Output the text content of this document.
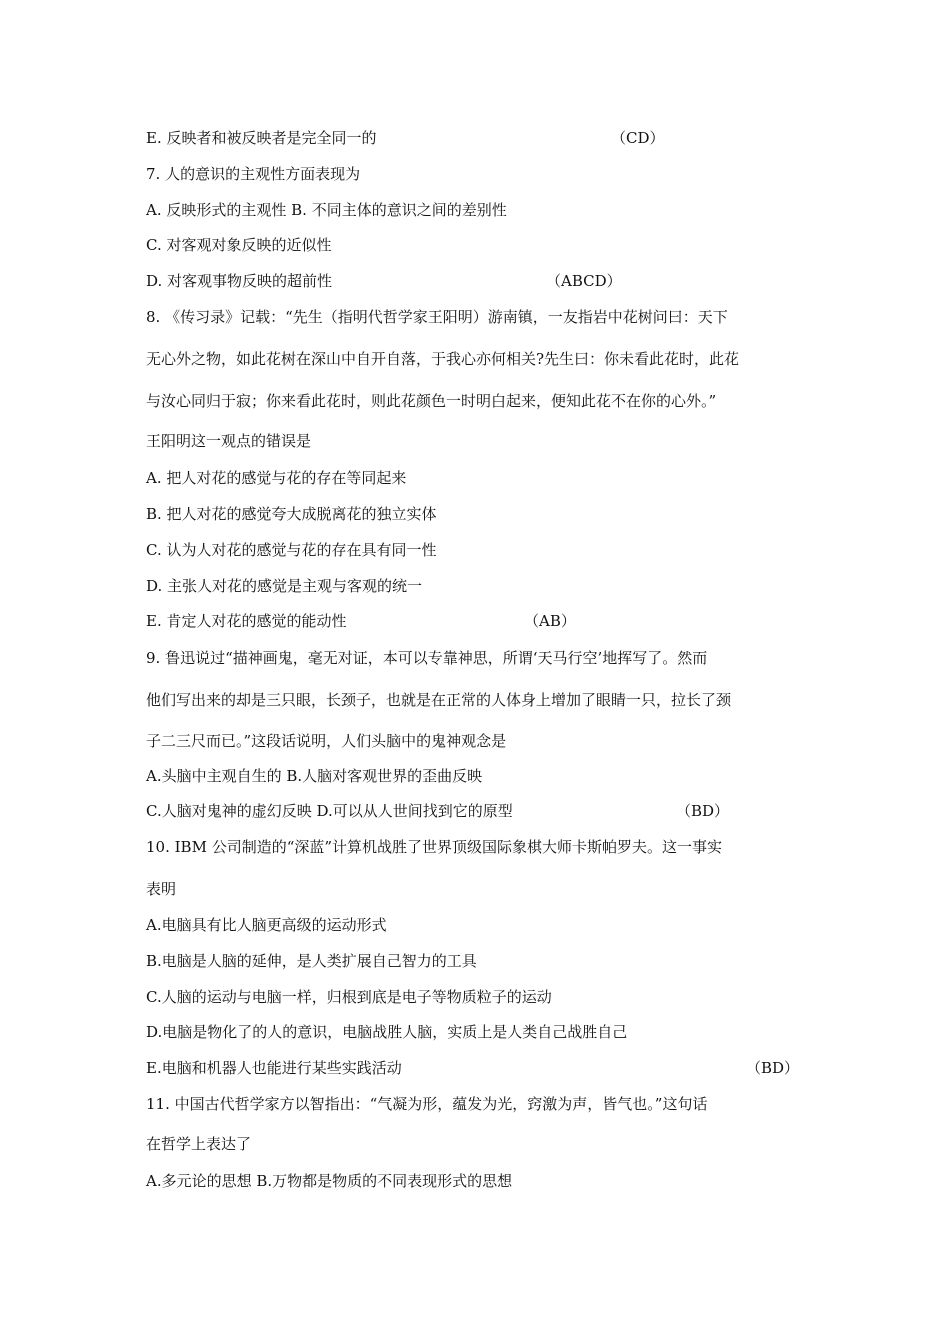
E. 反映者和被反映者是完全同一的	（CD）
7. 人的意识的主观性方面表现为
A. 反映形式的主观性 B. 不同主体的意识之间的差别性
C. 对客观对象反映的近似性
D. 对客观事物反映的超前性	（ABCD）
8. 《传习录》记载：“先生（指明代哲学家王阳明）游南镇，一友指岩中花树问曰：天下
无心外之物，如此花树在深山中自开自落，于我心亦何相关?先生曰：你未看此花时，此花
与汝心同归于寂；你来看此花时，则此花颜色一时明白起来，便知此花不在你的心外。”
王阳明这一观点的错误是
A. 把人对花的感觉与花的存在等同起来
B. 把人对花的感觉夸大成脱离花的独立实体
C. 认为人对花的感觉与花的存在具有同一性
D. 主张人对花的感觉是主观与客观的统一
E. 肯定人对花的感觉的能动性	（AB）
9. 鲁迅说过“描神画鬼，毫无对证，本可以专靠神思，所谓‘天马行空’地挥写了。然而
他们写出来的却是三只眼，长颈子，也就是在正常的人体身上增加了眼睛一只，拉长了颈
子二三尺而已。”这段话说明，人们头脑中的鬼神观念是
A.头脑中主观自生的 B.人脑对客观世界的歪曲反映
C.人脑对鬼神的虚幻反映 D.可以从人世间找到它的原型	（BD）
10. IBM 公司制造的“深蓝”计算机战胜了世界顶级国际象棋大师卡斯帕罗夫。这一事实
表明
A.电脑具有比人脑更高级的运动形式
B.电脑是人脑的延伸，是人类扩展自己智力的工具
C.人脑的运动与电脑一样，归根到底是电子等物质粒子的运动
D.电脑是物化了的人的意识，电脑战胜人脑，实质上是人类自己战胜自己
E.电脑和机器人也能进行某些实践活动	（BD）
11. 中国古代哲学家方以智指出：“气凝为形，蕴发为光，窍激为声，皆气也。”这句话
在哲学上表达了
A.多元论的思想 B.万物都是物质的不同表现形式的思想
